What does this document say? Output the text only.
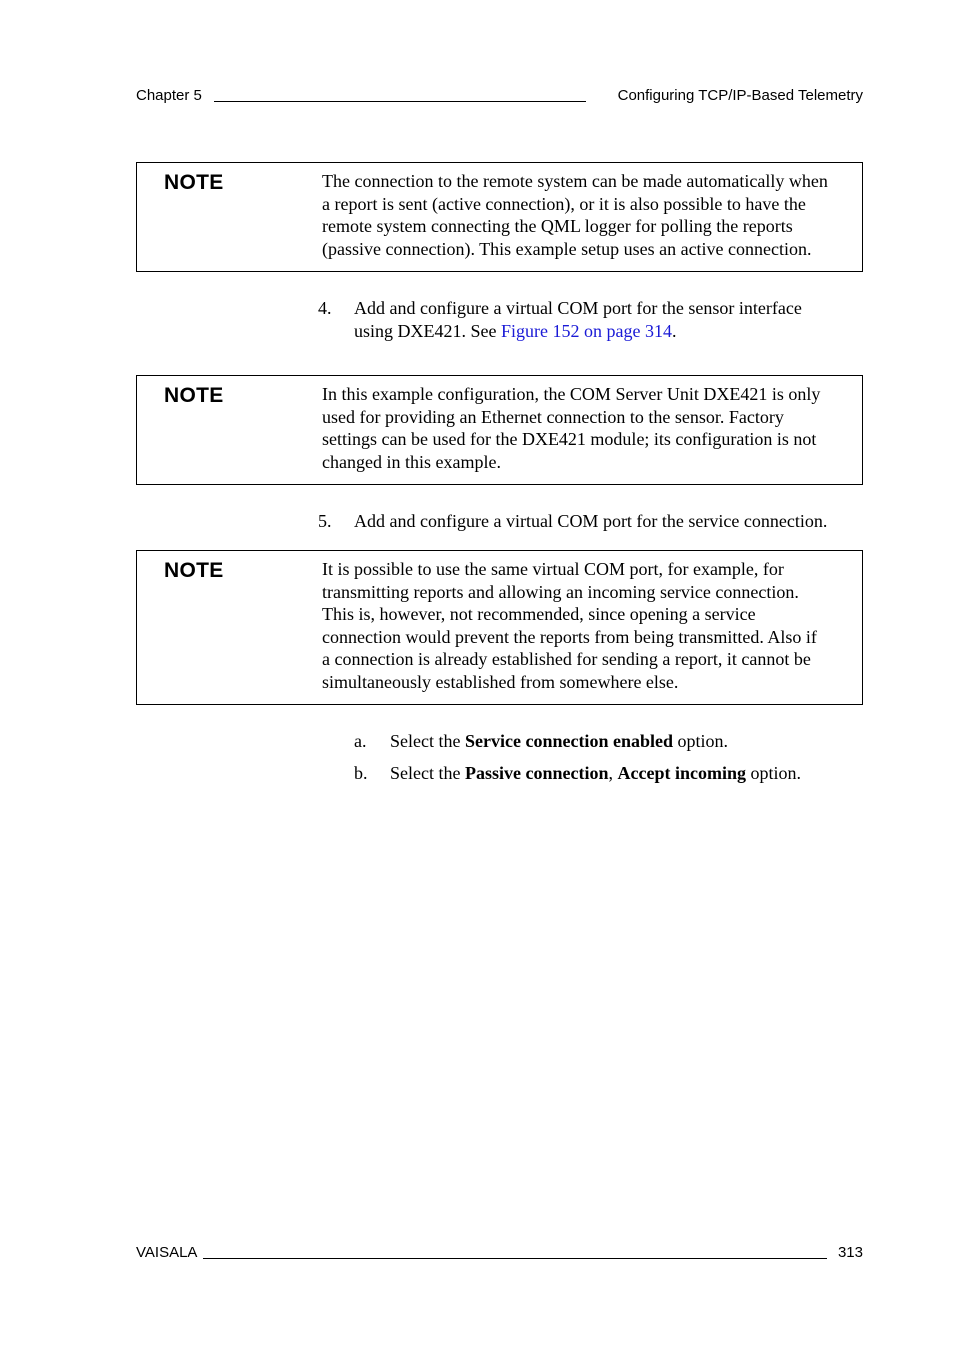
Chapter 5	Configuring TCP/IP-Based Telemetry
NOTE	The connection to the remote system can be made automatically when
a report is sent (active connection), or it is also possible to have the
remote system connecting the QML logger for polling the reports
(passive connection). This example setup uses an active connection.
4. Add and configure a virtual COM port for the sensor interface
using DXE421. See Figure 152 on page 314.
NOTE	In this example configuration, the COM Server Unit DXE421 is only
used for providing an Ethernet connection to the sensor. Factory
settings can be used for the DXE421 module; its configuration is not
changed in this example.
5. Add and configure a virtual COM port for the service connection.
NOTE	It is possible to use the same virtual COM port, for example, for
transmitting reports and allowing an incoming service connection.
This is, however, not recommended, since opening a service
connection would prevent the reports from being transmitted. Also if
a connection is already established for sending a report, it cannot be
simultaneously established from somewhere else.
a. Select the Service connection enabled option.
b. Select the Passive connection, Accept incoming option.
VAISALA	313
